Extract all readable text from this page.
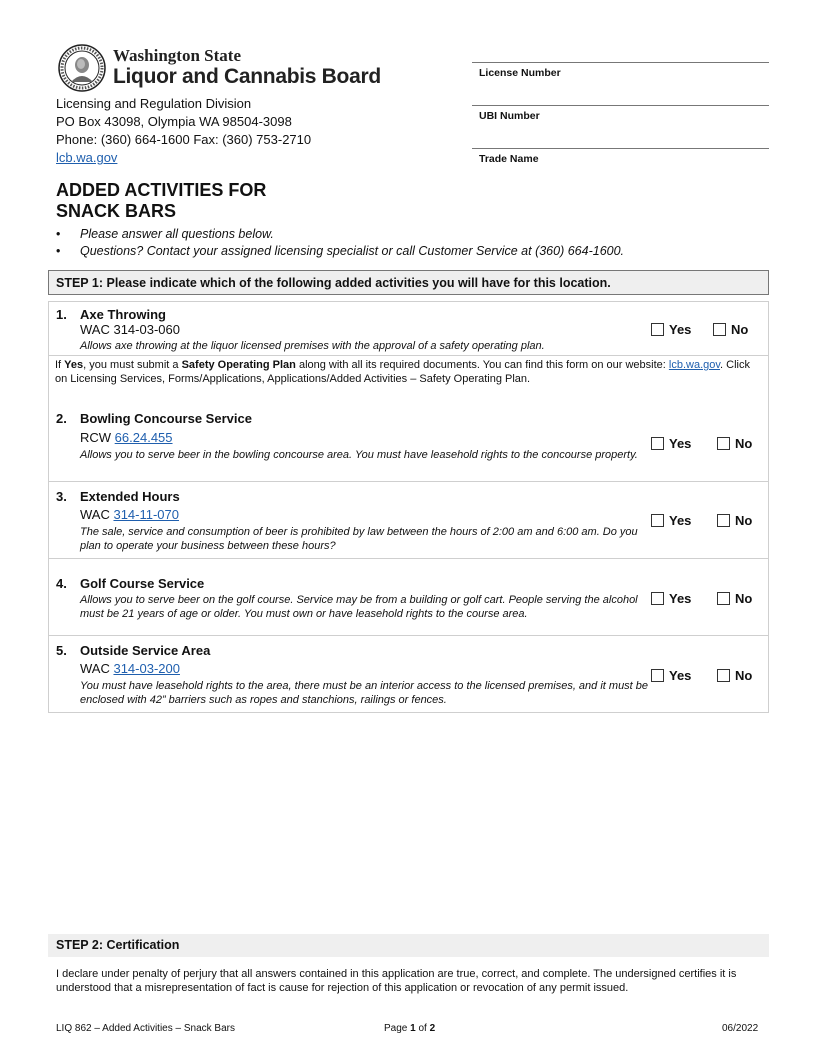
Washington State
Liquor and Cannabis Board
Licensing and Regulation Division
PO Box 43098, Olympia WA 98504-3098
Phone: (360) 664-1600 Fax: (360) 753-2710
lcb.wa.gov
License Number
UBI Number
Trade Name
ADDED ACTIVITIES FOR
SNACK BARS
• Please answer all questions below.
• Questions? Contact your assigned licensing specialist or call Customer Service at (360) 664-1600.
STEP 1: Please indicate which of the following added activities you will have for this location.
1. Axe Throwing
WAC 314-03-060
Allows axe throwing at the liquor licensed premises with the approval of a safety operating plan.
Yes	No
2. Bowling Concourse Service
RCW 66.24.455
Allows you to serve beer in the bowling concourse area. You must have leasehold rights to the concourse property.
Yes	No
3. Extended Hours
WAC 314-11-070
The sale, service and consumption of beer is prohibited by law between the hours of 2:00 am and 6:00 am. Do you plan to operate your business between these hours?
Yes	No
4. Golf Course Service
Allows you to serve beer on the golf course. Service may be from a building or golf cart. People serving the alcohol must be 21 years of age or older. You must own or have leasehold rights to the course area.
Yes	No
5. Outside Service Area
WAC 314-03-200
You must have leasehold rights to the area, there must be an interior access to the licensed premises, and it must be enclosed with 42” barriers such as ropes and stanchions, railings or fences.
Yes	No
If Yes, you must submit a Safety Operating Plan along with all its required documents. You can find this form on our website: lcb.wa.gov. Click on Licensing Services, Forms/Applications, Applications/Added Activities – Safety Operating Plan.
STEP 2: Certification
I declare under penalty of perjury that all answers contained in this application are true, correct, and complete. The undersigned certifies it is understood that a misrepresentation of fact is cause for rejection of this application or revocation of any permit issued.
LIQ 862 – Added Activities – Snack Bars	Page 1 of 2	06/2022
